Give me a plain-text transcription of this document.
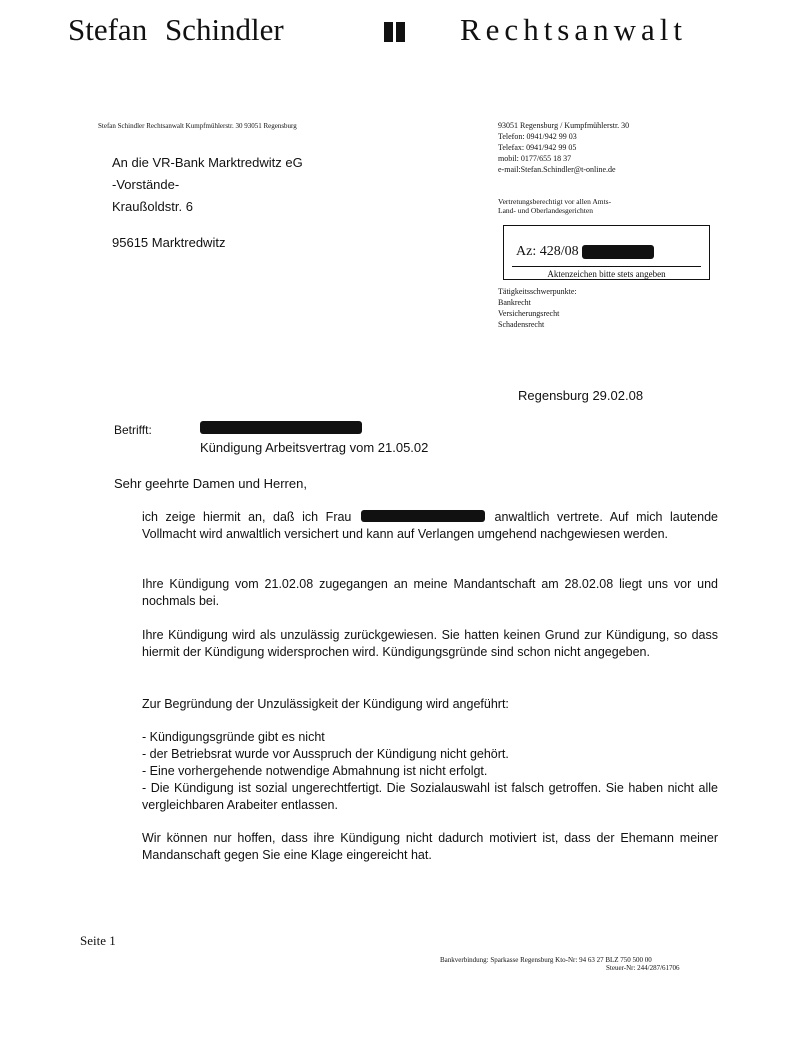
Stefan Schindler	Rechtsanwalt
Stefan Schindler Rechtsanwalt Kumpfmühlerstr. 30 93051 Regensburg
An die VR-Bank Marktredwitz eG
-Vorstände-
Kraußoldstr. 6
95615 Marktredwitz
93051 Regensburg / Kumpfmühlerstr. 30
Telefon: 0941/942 99 03
Telefax: 0941/942 99 05
mobil: 0177/655 18 37
e-mail:Stefan.Schindler@t-online.de
Vertretungsberechtigt vor allen Amts-
Land- und Oberlandesgerichten
Az: 428/08
Aktenzeichen bitte stets angeben
Tätigkeitsschwerpunkte:
Bankrecht
Versicherungsrecht
Schadensrecht
Regensburg 29.02.08
Betrifft:
Kündigung Arbeitsvertrag vom 21.05.02
Sehr geehrte Damen und Herren,
ich zeige hiermit an, daß ich Frau	anwaltlich vertrete. Auf mich lautende Vollmacht wird anwaltlich versichert und kann auf Verlangen umgehend nachgewiesen werden.
Ihre Kündigung vom 21.02.08 zugegangen an meine Mandantschaft am 28.02.08 liegt uns vor und nochmals bei.
Ihre Kündigung wird als unzulässig zurückgewiesen. Sie hatten keinen Grund zur Kündigung, so dass hiermit der Kündigung widersprochen wird. Kündigungsgründe sind schon nicht angegeben.
Zur Begründung der Unzulässigkeit der Kündigung wird angeführt:
- Kündigungsgründe gibt es nicht
- der Betriebsrat wurde vor Ausspruch der Kündigung nicht gehört.
- Eine vorhergehende notwendige Abmahnung ist nicht erfolgt.
- Die Kündigung ist sozial ungerechtfertigt. Die Sozialauswahl ist falsch getroffen. Sie haben nicht alle vergleichbaren Arabeiter entlassen.
Wir können nur hoffen, dass ihre Kündigung nicht dadurch motiviert ist, dass der Ehemann meiner Mandanschaft gegen Sie eine Klage eingereicht hat.
Seite 1
Bankverbindung: Sparkasse Regensburg Kto-Nr: 94 63 27 BLZ 750 500 00
Steuer-Nr: 244/287/61706
